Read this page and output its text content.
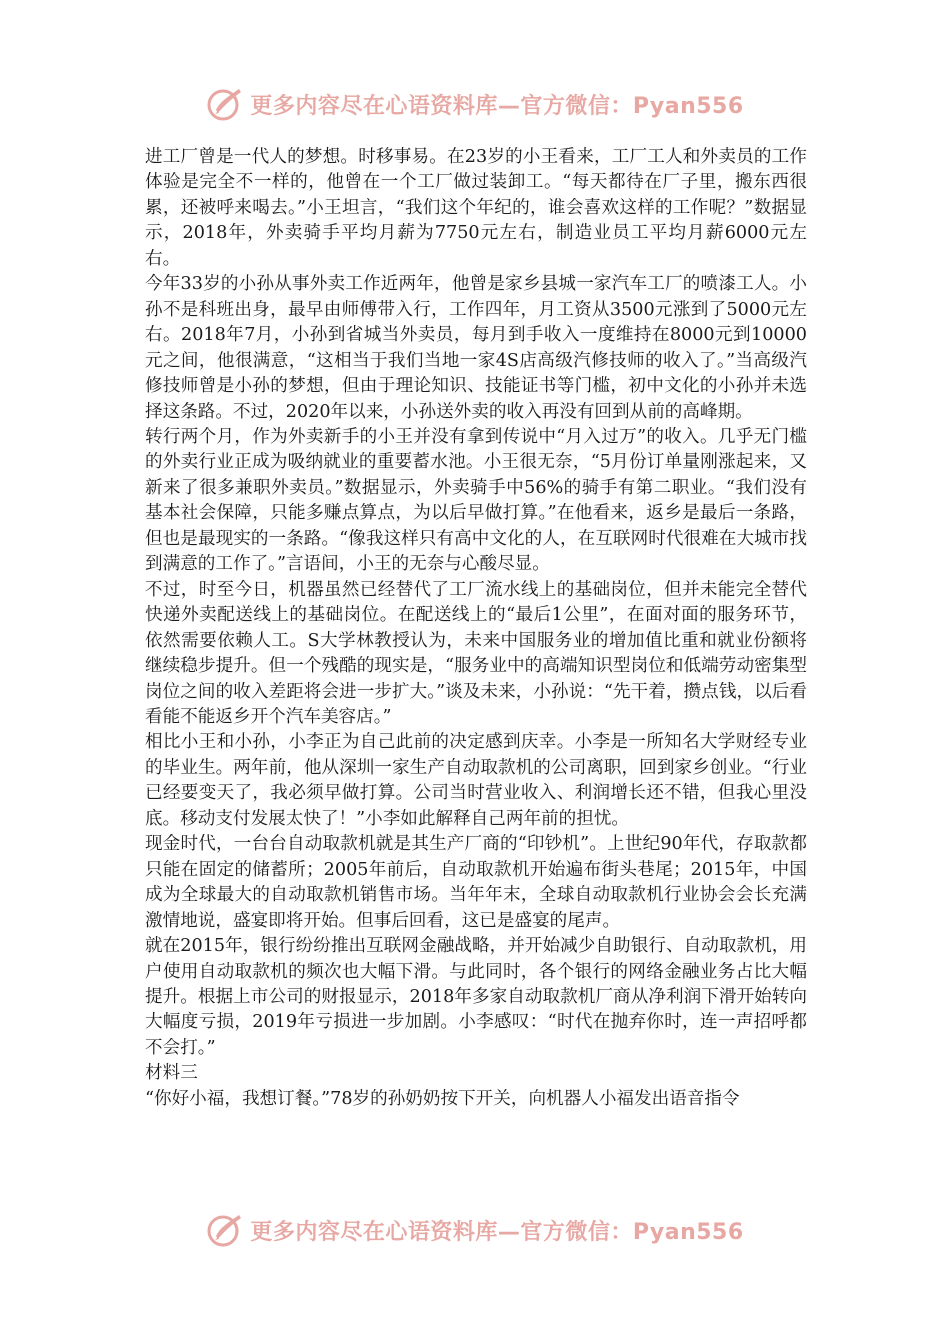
更多内容尽在心语资料库—官方微信：Pyan556

进工厂曾是一代人的梦想。时移事易。在23岁的小王看来，工厂工人和外卖员的工作体验是完全不一样的，他曾在一个工厂做过装卸工。“每天都待在厂子里，搬东西很累，还被呼来喝去。”小王坦言，“我们这个年纪的，谁会喜欢这样的工作呢？”数据显示，2018年，外卖骑手平均月薪为7750元左右，制造业员工平均月薪6000元左右。

今年33岁的小孙从事外卖工作近两年，他曾是家乡县城一家汽车工厂的喷漆工人。小孙不是科班出身，最早由师傅带入行，工作四年，月工资从3500元涨到了5000元左右。2018年7月，小孙到省城当外卖员，每月到手收入一度维持在8000元到10000元之间，他很满意，“这相当于我们当地一家4S店高级汽修技师的收入了。”当高级汽修技师曾是小孙的梦想，但由于理论知识、技能证书等门槛，初中文化的小孙并未选择这条路。不过，2020年以来，小孙送外卖的收入再没有回到从前的高峰期。

转行两个月，作为外卖新手的小王并没有拿到传说中“月入过万”的收入。几乎无门槛的外卖行业正成为吸纳就业的重要蓄水池。小王很无奈，“5月份订单量刚涨起来，又新来了很多兼职外卖员。”数据显示，外卖骑手中56%的骑手有第二职业。“我们没有基本社会保障，只能多赚点算点，为以后早做打算。”在他看来，返乡是最后一条路，但也是最现实的一条路。“像我这样只有高中文化的人，在互联网时代很难在大城市找到满意的工作了。”言语间，小王的无奈与心酸尽显。

不过，时至今日，机器虽然已经替代了工厂流水线上的基础岗位，但并未能完全替代快递外卖配送线上的基础岗位。在配送线上的“最后1公里”，在面对面的服务环节，依然需要依赖人工。S大学林教授认为，未来中国服务业的增加值比重和就业份额将继续稳步提升。但一个残酷的现实是，“服务业中的高端知识型岗位和低端劳动密集型岗位之间的收入差距将会进一步扩大。”谈及未来，小孙说：“先干着，攒点钱，以后看看能不能返乡开个汽车美容店。”

相比小王和小孙，小李正为自己此前的决定感到庆幸。小李是一所知名大学财经专业的毕业生。两年前，他从深圳一家生产自动取款机的公司离职，回到家乡创业。“行业已经要变天了，我必须早做打算。公司当时营业收入、利润增长还不错，但我心里没底。移动支付发展太快了！”小李如此解释自己两年前的担忧。

现金时代，一台台自动取款机就是其生产厂商的“印钞机”。上世纪90年代，存取款都只能在固定的储蓄所；2005年前后，自动取款机开始遍布街头巷尾；2015年，中国成为全球最大的自动取款机销售市场。当年年末，全球自动取款机行业协会会长充满激情地说，盛宴即将开始。但事后回看，这已是盛宴的尾声。

就在2015年，银行纷纷推出互联网金融战略，并开始减少自助银行、自动取款机，用户使用自动取款机的频次也大幅下滑。与此同时，各个银行的网络金融业务占比大幅提升。根据上市公司的财报显示，2018年多家自动取款机厂商从净利润下滑开始转向大幅度亏损，2019年亏损进一步加剧。小李感叹：“时代在抛弃你时，连一声招呼都不会打。”

材料三

“你好小福，我想订餐。”78岁的孙奶奶按下开关，向机器人小福发出语音指令

更多内容尽在心语资料库—官方微信：Pyan556
